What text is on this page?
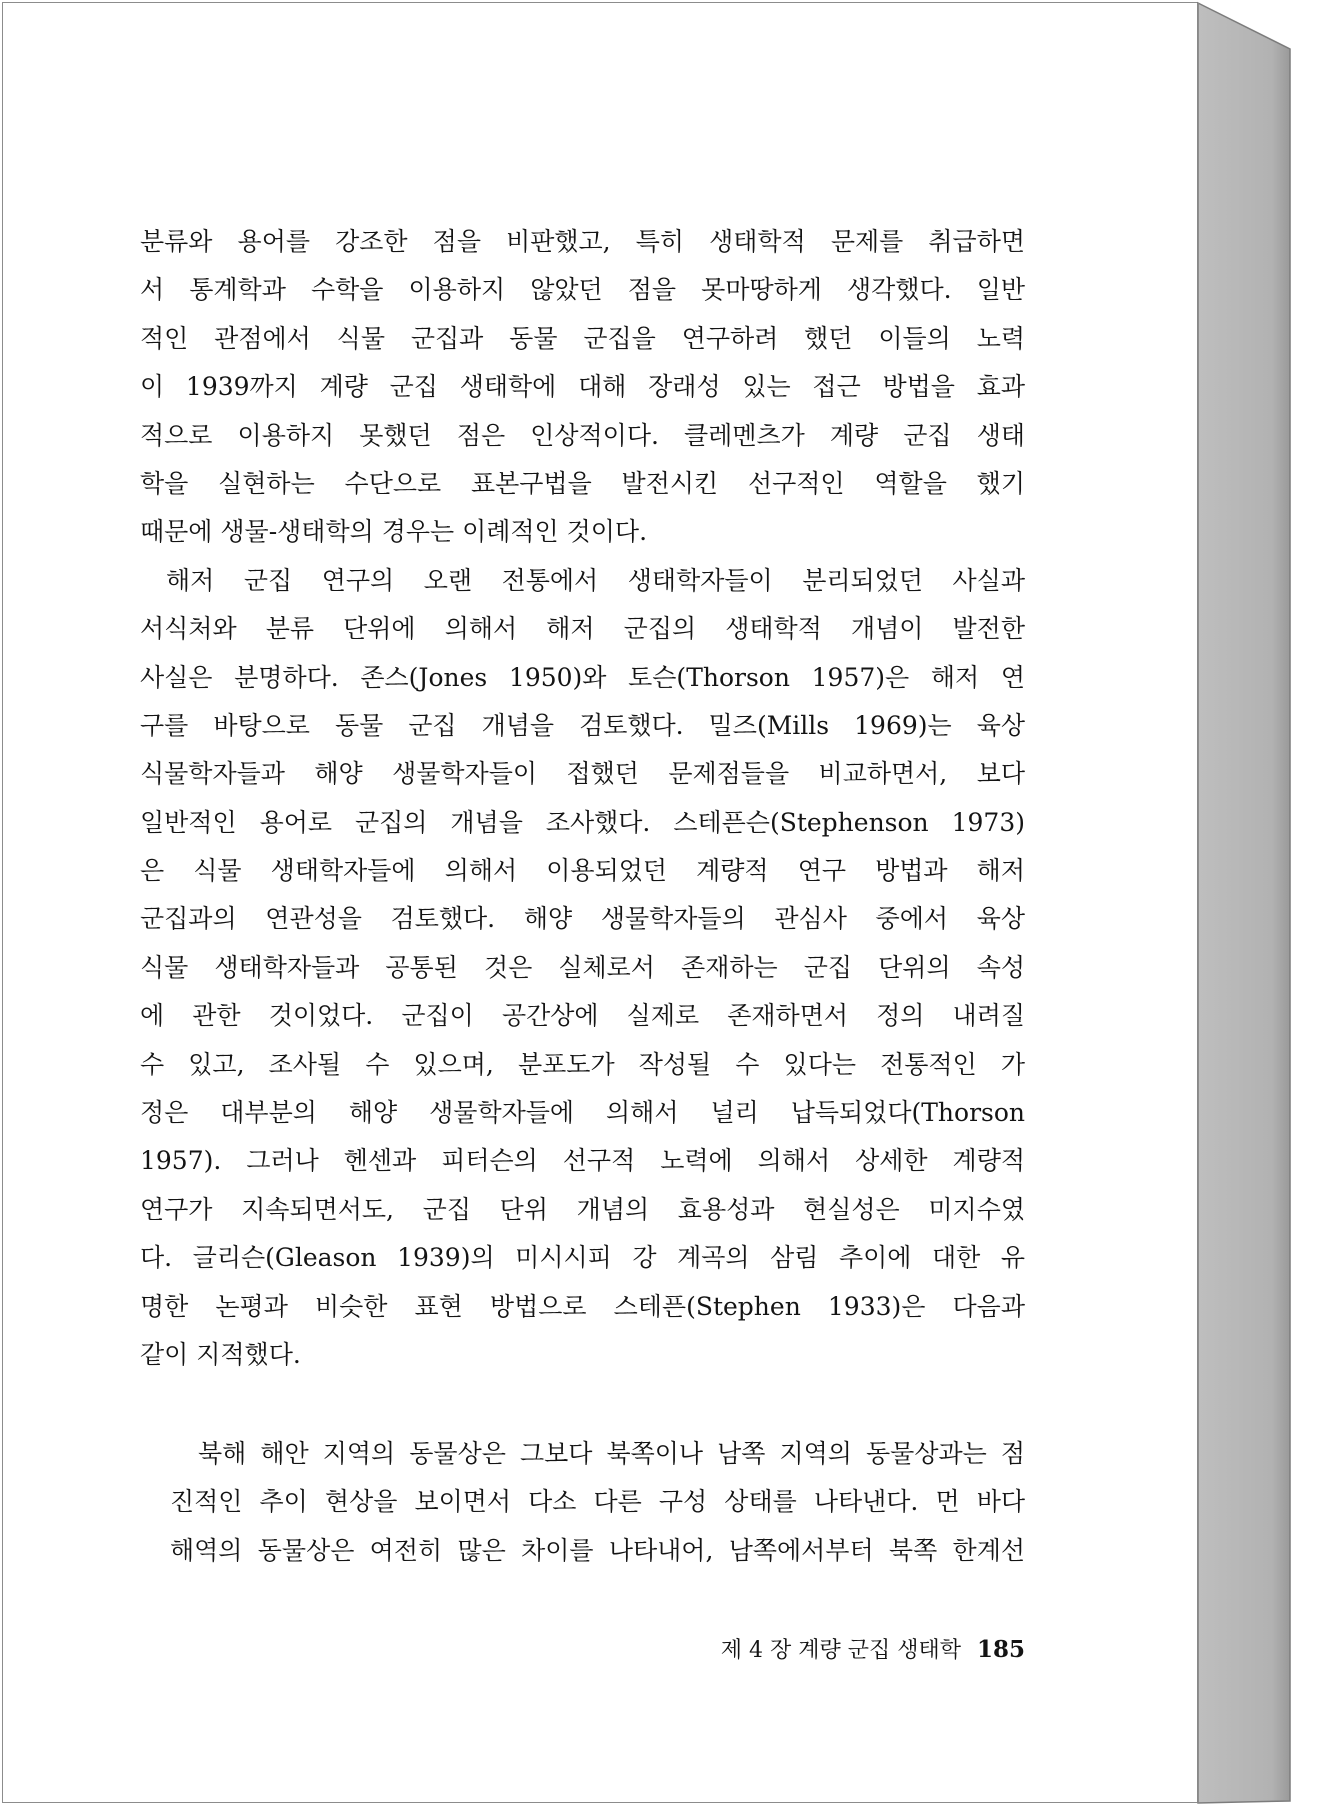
분류와 용어를 강조한 점을 비판했고, 특히 생태학적 문제를 취급하면
서 통계학과 수학을 이용하지 않았던 점을 못마땅하게 생각했다. 일반
적인 관점에서 식물 군집과 동물 군집을 연구하려 했던 이들의 노력
이 1939까지 계량 군집 생태학에 대해 장래성 있는 접근 방법을 효과
적으로 이용하지 못했던 점은 인상적이다. 클레멘츠가 계량 군집 생태
학을 실현하는 수단으로 표본구법을 발전시킨 선구적인 역할을 했기
때문에 생물-생태학의 경우는 이례적인 것이다.
해저 군집 연구의 오랜 전통에서 생태학자들이 분리되었던 사실과
서식처와 분류 단위에 의해서 해저 군집의 생태학적 개념이 발전한
사실은 분명하다. 존스(Jones 1950)와 토슨(Thorson 1957)은 해저 연
구를 바탕으로 동물 군집 개념을 검토했다. 밀즈(Mills 1969)는 육상
식물학자들과 해양 생물학자들이 접했던 문제점들을 비교하면서, 보다
일반적인 용어로 군집의 개념을 조사했다. 스테픈슨(Stephenson 1973)
은 식물 생태학자들에 의해서 이용되었던 계량적 연구 방법과 해저
군집과의 연관성을 검토했다. 해양 생물학자들의 관심사 중에서 육상
식물 생태학자들과 공통된 것은 실체로서 존재하는 군집 단위의 속성
에 관한 것이었다. 군집이 공간상에 실제로 존재하면서 정의 내려질
수 있고, 조사될 수 있으며, 분포도가 작성될 수 있다는 전통적인 가
정은 대부분의 해양 생물학자들에 의해서 널리 납득되었다(Thorson
1957). 그러나 헨센과 피터슨의 선구적 노력에 의해서 상세한 계량적
연구가 지속되면서도, 군집 단위 개념의 효용성과 현실성은 미지수였
다. 글리슨(Gleason 1939)의 미시시피 강 계곡의 삼림 추이에 대한 유
명한 논평과 비슷한 표현 방법으로 스테픈(Stephen 1933)은 다음과
같이 지적했다.
북해 해안 지역의 동물상은 그보다 북쪽이나 남쪽 지역의 동물상과는 점
진적인 추이 현상을 보이면서 다소 다른 구성 상태를 나타낸다. 먼 바다
해역의 동물상은 여전히 많은 차이를 나타내어, 남쪽에서부터 북쪽 한계선
제 4 장 계량 군집 생태학 185
